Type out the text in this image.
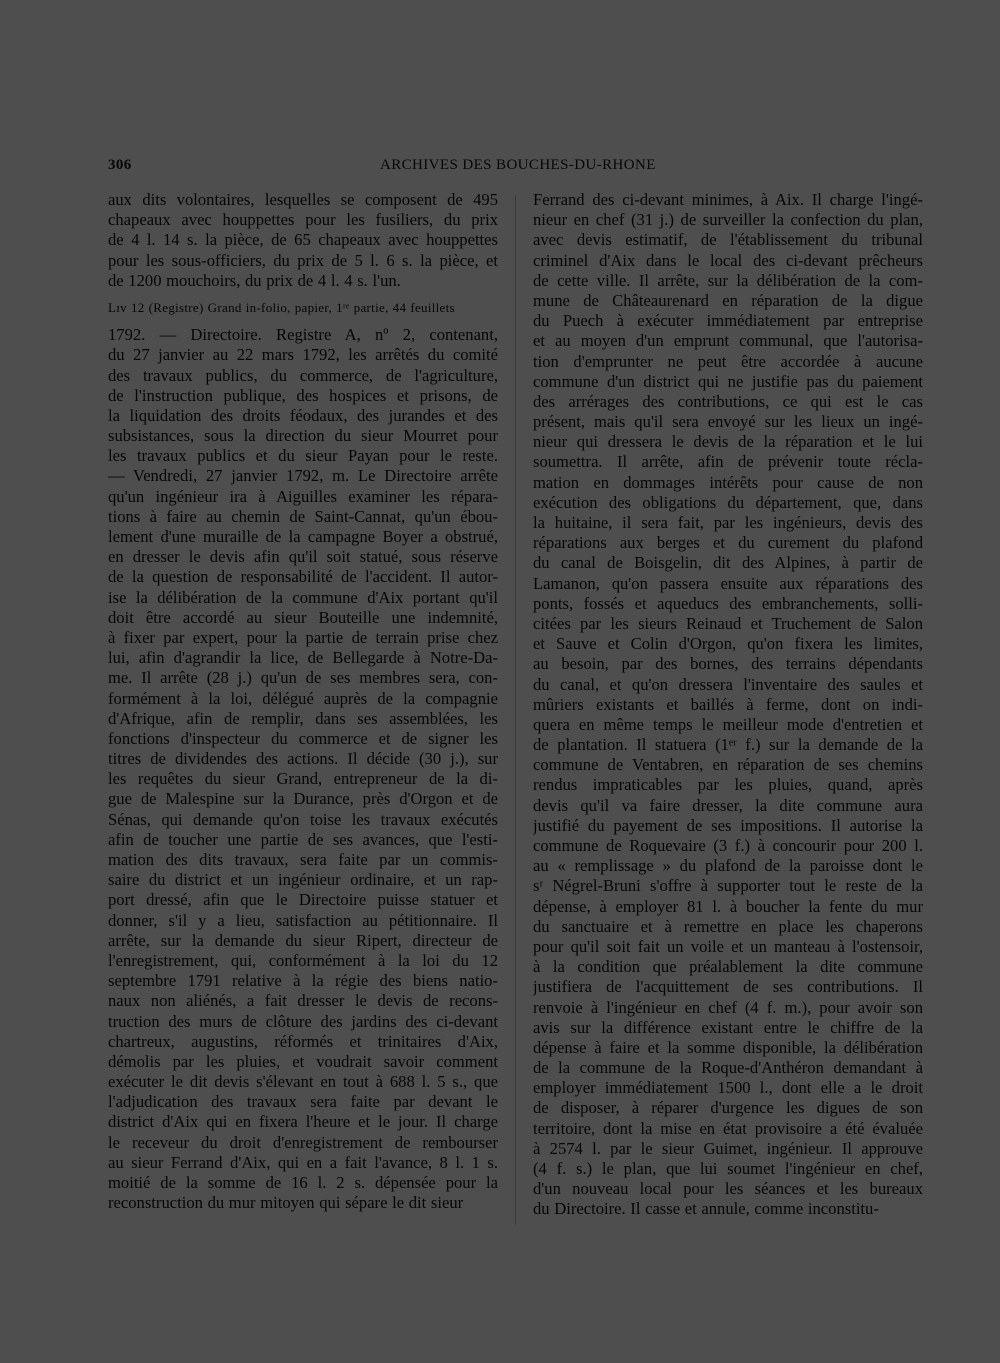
306	ARCHIVES DES BOUCHES-DU-RHONE
aux dits volontaires, lesquelles se composent de 495
chapeaux avec houppettes pour les fusiliers, du prix
de 4 l. 14 s. la pièce, de 65 chapeaux avec houppettes
pour les sous-officiers, du prix de 5 l. 6 s. la pièce, et
de 1200 mouchoirs, du prix de 4 l. 4 s. l'un.
Lɪv 12 (Registre) Grand in-folio, papier, 1ʳᵉ partie, 44 feuillets
1792. — Directoire. Registre A, nº 2, contenant,
du 27 janvier au 22 mars 1792, les arrêtés du comité
des travaux publics, du commerce, de l'agriculture,
de l'instruction publique, des hospices et prisons, de
la liquidation des droits féodaux, des jurandes et des
subsistances, sous la direction du sieur Mourret pour
les travaux publics et du sieur Payan pour le reste.
— Vendredi, 27 janvier 1792, m. Le Directoire arrête
qu'un ingénieur ira à Aiguilles examiner les répara-
tions à faire au chemin de Saint-Cannat, qu'un ébou-
lement d'une muraille de la campagne Boyer a obstrué,
en dresser le devis afin qu'il soit statué, sous réserve
de la question de responsabilité de l'accident. Il autor-
ise la délibération de la commune d'Aix portant qu'il
doit être accordé au sieur Bouteille une indemnité,
à fixer par expert, pour la partie de terrain prise chez
lui, afin d'agrandir la lice, de Bellegarde à Notre-Da-
me. Il arrête (28 j.) qu'un de ses membres sera, con-
formément à la loi, délégué auprès de la compagnie
d'Afrique, afin de remplir, dans ses assemblées, les
fonctions d'inspecteur du commerce et de signer les
titres de dividendes des actions. Il décide (30 j.), sur
les requêtes du sieur Grand, entrepreneur de la di-
gue de Malespine sur la Durance, près d'Orgon et de
Sénas, qui demande qu'on toise les travaux exécutés
afin de toucher une partie de ses avances, que l'esti-
mation des dits travaux, sera faite par un commis-
saire du district et un ingénieur ordinaire, et un rap-
port dressé, afin que le Directoire puisse statuer et
donner, s'il y a lieu, satisfaction au pétitionnaire. Il
arrête, sur la demande du sieur Ripert, directeur de
l'enregistrement, qui, conformément à la loi du 12
septembre 1791 relative à la régie des biens natio-
naux non aliénés, a fait dresser le devis de recons-
truction des murs de clôture des jardins des ci-devant
chartreux, augustins, réformés et trinitaires d'Aix,
démolis par les pluies, et voudrait savoir comment
exécuter le dit devis s'élevant en tout à 688 l. 5 s., que
l'adjudication des travaux sera faite par devant le
district d'Aix qui en fixera l'heure et le jour. Il charge
le receveur du droit d'enregistrement de rembourser
au sieur Ferrand d'Aix, qui en a fait l'avance, 8 l. 1 s.
moitié de la somme de 16 l. 2 s. dépensée pour la
reconstruction du mur mitoyen qui sépare le dit sieur
Ferrand des ci-devant minimes, à Aix. Il charge l'ingé-
nieur en chef (31 j.) de surveiller la confection du plan,
avec devis estimatif, de l'établissement du tribunal
criminel d'Aix dans le local des ci-devant prêcheurs
de cette ville. Il arrête, sur la délibération de la com-
mune de Châteaurenard en réparation de la digue
du Puech à exécuter immédiatement par entreprise
et au moyen d'un emprunt communal, que l'autorisa-
tion d'emprunter ne peut être accordée à aucune
commune d'un district qui ne justifie pas du paiement
des arrérages des contributions, ce qui est le cas
présent, mais qu'il sera envoyé sur les lieux un ingé-
nieur qui dressera le devis de la réparation et le lui
soumettra. Il arrête, afin de prévenir toute récla-
mation en dommages intérêts pour cause de non
exécution des obligations du département, que, dans
la huitaine, il sera fait, par les ingénieurs, devis des
réparations aux berges et du curement du plafond
du canal de Boisgelin, dit des Alpines, à partir de
Lamanon, qu'on passera ensuite aux réparations des
ponts, fossés et aqueducs des embranchements, solli-
citées par les sieurs Reinaud et Truchement de Salon
et Sauve et Colin d'Orgon, qu'on fixera les limites,
au besoin, par des bornes, des terrains dépendants
du canal, et qu'on dressera l'inventaire des saules et
mûriers existants et baillés à ferme, dont on indi-
quera en même temps le meilleur mode d'entretien et
de plantation. Il statuera (1ᵉʳ f.) sur la demande de la
commune de Ventabren, en réparation de ses chemins
rendus impraticables par les pluies, quand, après
devis qu'il va faire dresser, la dite commune aura
justifié du payement de ses impositions. Il autorise la
commune de Roquevaire (3 f.) à concourir pour 200 l.
au « remplissage » du plafond de la paroisse dont le
sʳ Négrel-Bruni s'offre à supporter tout le reste de la
dépense, à employer 81 l. à boucher la fente du mur
du sanctuaire et à remettre en place les chaperons
pour qu'il soit fait un voile et un manteau à l'ostensoir,
à la condition que préalablement la dite commune
justifiera de l'acquittement de ses contributions. Il
renvoie à l'ingénieur en chef (4 f. m.), pour avoir son
avis sur la différence existant entre le chiffre de la
dépense à faire et la somme disponible, la délibération
de la commune de la Roque-d'Anthéron demandant à
employer immédiatement 1500 l., dont elle a le droit
de disposer, à réparer d'urgence les digues de son
territoire, dont la mise en état provisoire a été évaluée
à 2574 l. par le sieur Guimet, ingénieur. Il approuve
(4 f. s.) le plan, que lui soumet l'ingénieur en chef,
d'un nouveau local pour les séances et les bureaux
du Directoire. Il casse et annule, comme inconstitu-
